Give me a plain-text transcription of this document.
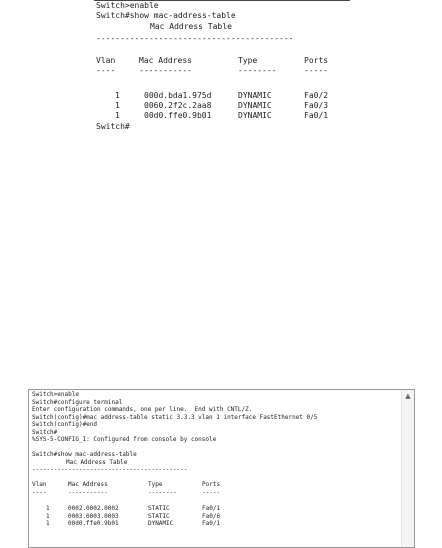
Switch>enable
Switch#show mac-address-table
Mac Address Table
-----------------------------------------
Vlan	Mac Address	Type	Ports
----	-----------	--------	-----
1	000d.bda1.975d	DYNAMIC	Fa0/2
1	0060.2f2c.2aa8	DYNAMIC	Fa0/3
1	00d0.ffe0.9b01	DYNAMIC	Fa0/1
Switch#
Switch>enable
Switch#configure terminal
Enter configuration commands, one per line.  End with CNTL/Z.
Switch(config)#mac address-table static 3.3.3 vlan 1 interface FastEthernet 0/5
Switch(config)#end
Switch#
%SYS-5-CONFIG_I: Configured from console by console
Switch#show mac-address-table
Mac Address Table
-------------------------------------------
Vlan	Mac Address	Type	Ports
----	-----------	--------	-----
1	0002.0002.0002	STATIC	Fa0/1
1	0003.0003.0003	STATIC	Fa0/6
1	00d0.ffe0.9b01	DYNAMIC	Fa0/1
▲
